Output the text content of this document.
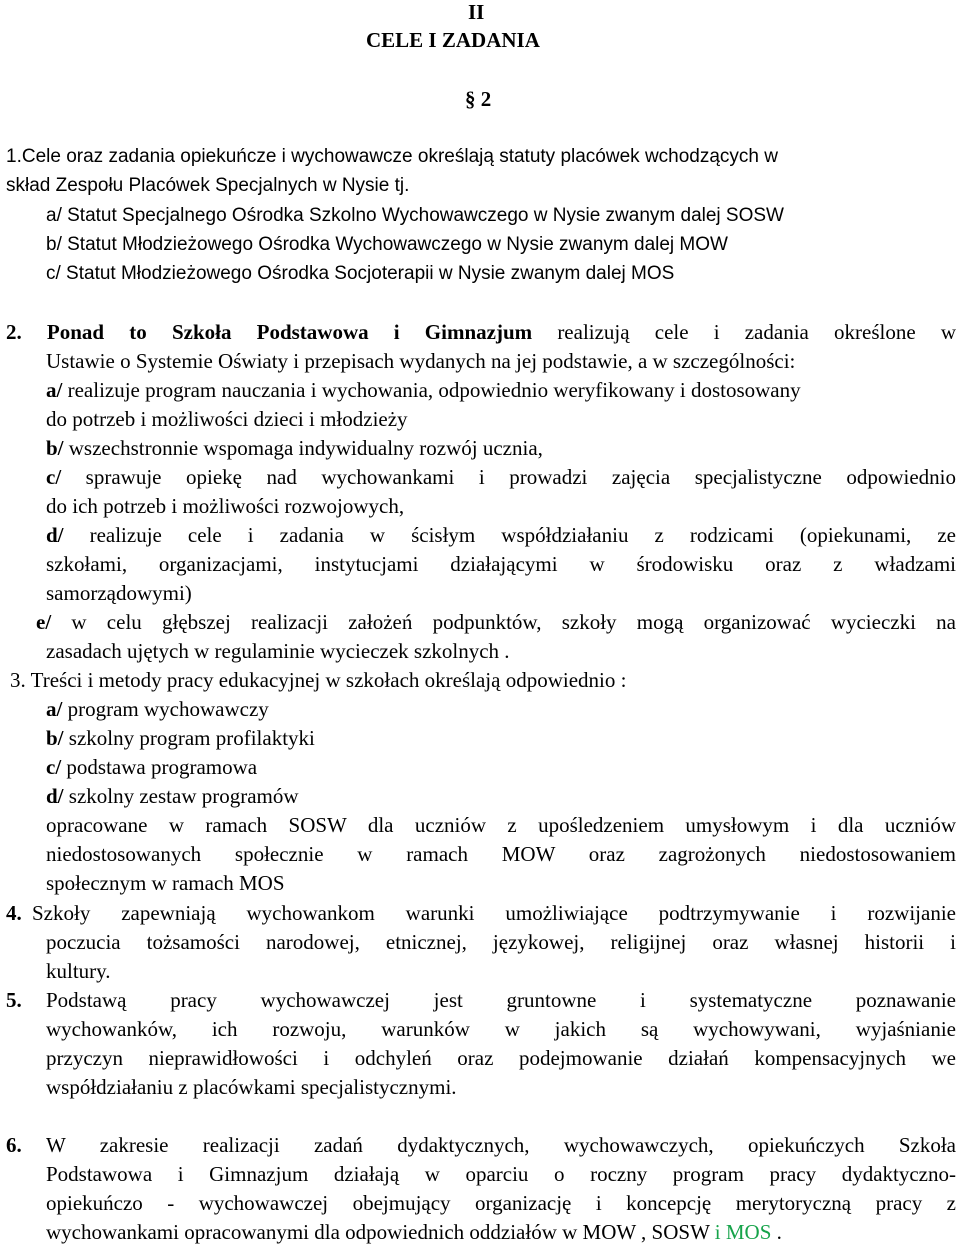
II
CELE I ZADANIA
§ 2
1.Cele oraz zadania opiekuńcze i wychowawcze określają statuty placówek wchodzących w
skład Zespołu Placówek Specjalnych w Nysie tj.
a/ Statut Specjalnego Ośrodka Szkolno Wychowawczego w Nysie zwanym dalej SOSW
b/ Statut Młodzieżowego Ośrodka Wychowawczego w Nysie zwanym dalej MOW
c/ Statut Młodzieżowego Ośrodka Socjoterapii w Nysie zwanym dalej MOS
2. Ponad to Szkoła Podstawowa i Gimnazjum realizują cele i zadania określone w
Ustawie o Systemie Oświaty i przepisach wydanych na jej podstawie, a w szczególności:
a/ realizuje program nauczania i wychowania, odpowiednio weryfikowany i dostosowany
do potrzeb i możliwości dzieci i młodzieży
b/ wszechstronnie wspomaga indywidualny rozwój ucznia,
c/ sprawuje opiekę nad wychowankami i prowadzi zajęcia specjalistyczne odpowiednio
do ich potrzeb i możliwości rozwojowych,
d/ realizuje cele i zadania w ścisłym współdziałaniu z rodzicami (opiekunami, ze
szkołami, organizacjami, instytucjami działającymi w środowisku oraz z władzami
samorządowymi)
e/ w celu głębszej realizacji założeń podpunktów, szkoły mogą organizować wycieczki na
zasadach ujętych w regulaminie wycieczek szkolnych .
3. Treści i metody pracy edukacyjnej w szkołach określają odpowiednio :
a/ program wychowawczy
b/ szkolny program profilaktyki
c/ podstawa programowa
d/ szkolny zestaw programów
opracowane w ramach SOSW dla uczniów z upośledzeniem umysłowym i dla uczniów
niedostosowanych społecznie w ramach MOW oraz zagrożonych niedostosowaniem
społecznym w ramach MOS
4. Szkoły zapewniają wychowankom warunki umożliwiające podtrzymywanie i rozwijanie
poczucia tożsamości narodowej, etnicznej, językowej, religijnej oraz własnej historii i
kultury.
5. Podstawą pracy wychowawczej jest gruntowne i systematyczne poznawanie
wychowanków, ich rozwoju, warunków w jakich są wychowywani, wyjaśnianie
przyczyn nieprawidłowości i odchyleń oraz podejmowanie działań kompensacyjnych we
współdziałaniu z placówkami specjalistycznymi.
6. W zakresie realizacji zadań dydaktycznych, wychowawczych, opiekuńczych Szkoła
Podstawowa i Gimnazjum działają w oparciu o roczny program pracy dydaktyczno-
opiekuńczo - wychowawczej obejmujący organizację i koncepcję merytoryczną pracy z
wychowankami opracowanymi dla odpowiednich oddziałów w MOW , SOSW i MOS .
